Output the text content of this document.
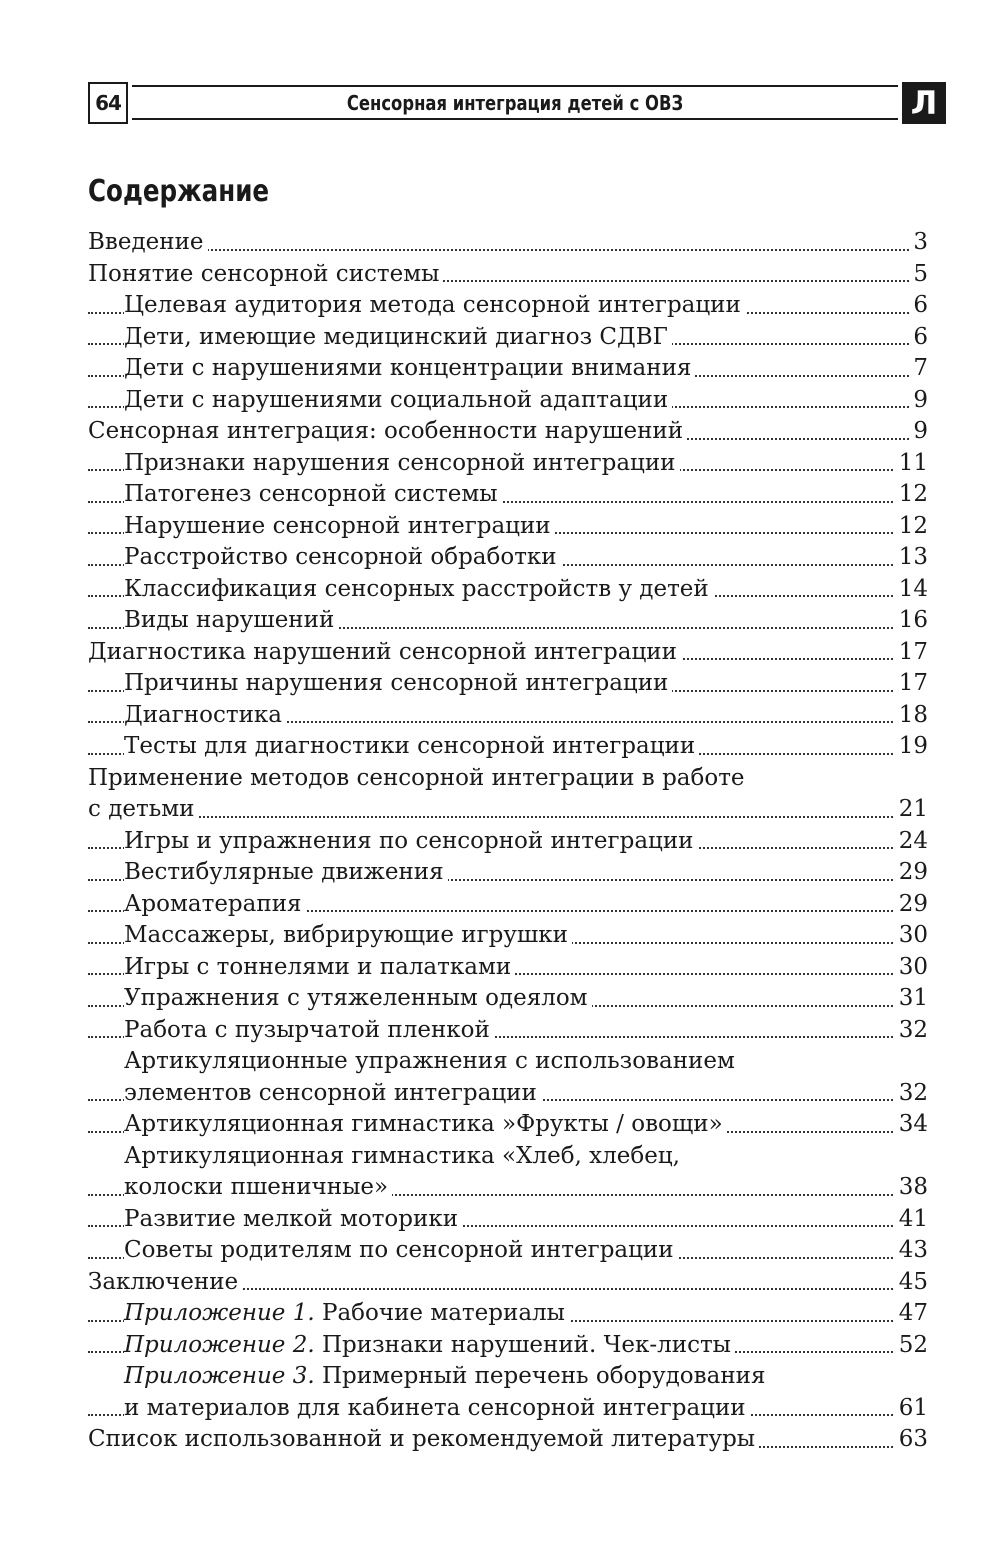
64	Сенсорная интеграция детей с ОВЗ	Л
Содержание
Введение	3
Понятие сенсорной системы	5
Целевая аудитория метода сенсорной интеграции	6
Дети, имеющие медицинский диагноз СДВГ	6
Дети с нарушениями концентрации внимания	7
Дети с нарушениями социальной адаптации	9
Сенсорная интеграция: особенности нарушений	9
Признаки нарушения сенсорной интеграции	11
Патогенез сенсорной системы	12
Нарушение сенсорной интеграции	12
Расстройство сенсорной обработки	13
Классификация сенсорных расстройств у детей	14
Виды нарушений	16
Диагностика нарушений сенсорной интеграции	17
Причины нарушения сенсорной интеграции	17
Диагностика	18
Тесты для диагностики сенсорной интеграции	19
Применение методов сенсорной интеграции в работе
с детьми	21
Игры и упражнения по сенсорной интеграции	24
Вестибулярные движения	29
Ароматерапия	29
Массажеры, вибрирующие игрушки	30
Игры с тоннелями и палатками	30
Упражнения с утяжеленным одеялом	31
Работа с пузырчатой пленкой	32
Артикуляционные упражнения с использованием
элементов сенсорной интеграции	32
Артикуляционная гимнастика »Фрукты / овощи»	34
Артикуляционная гимнастика «Хлеб, хлебец,
колоски пшеничные»	38
Развитие мелкой моторики	41
Советы родителям по сенсорной интеграции	43
Заключение	45
Приложение 1. Рабочие материалы	47
Приложение 2. Признаки нарушений. Чек-листы	52
Приложение 3. Примерный перечень оборудования
и материалов для кабинета сенсорной интеграции	61
Список использованной и рекомендуемой литературы	63
